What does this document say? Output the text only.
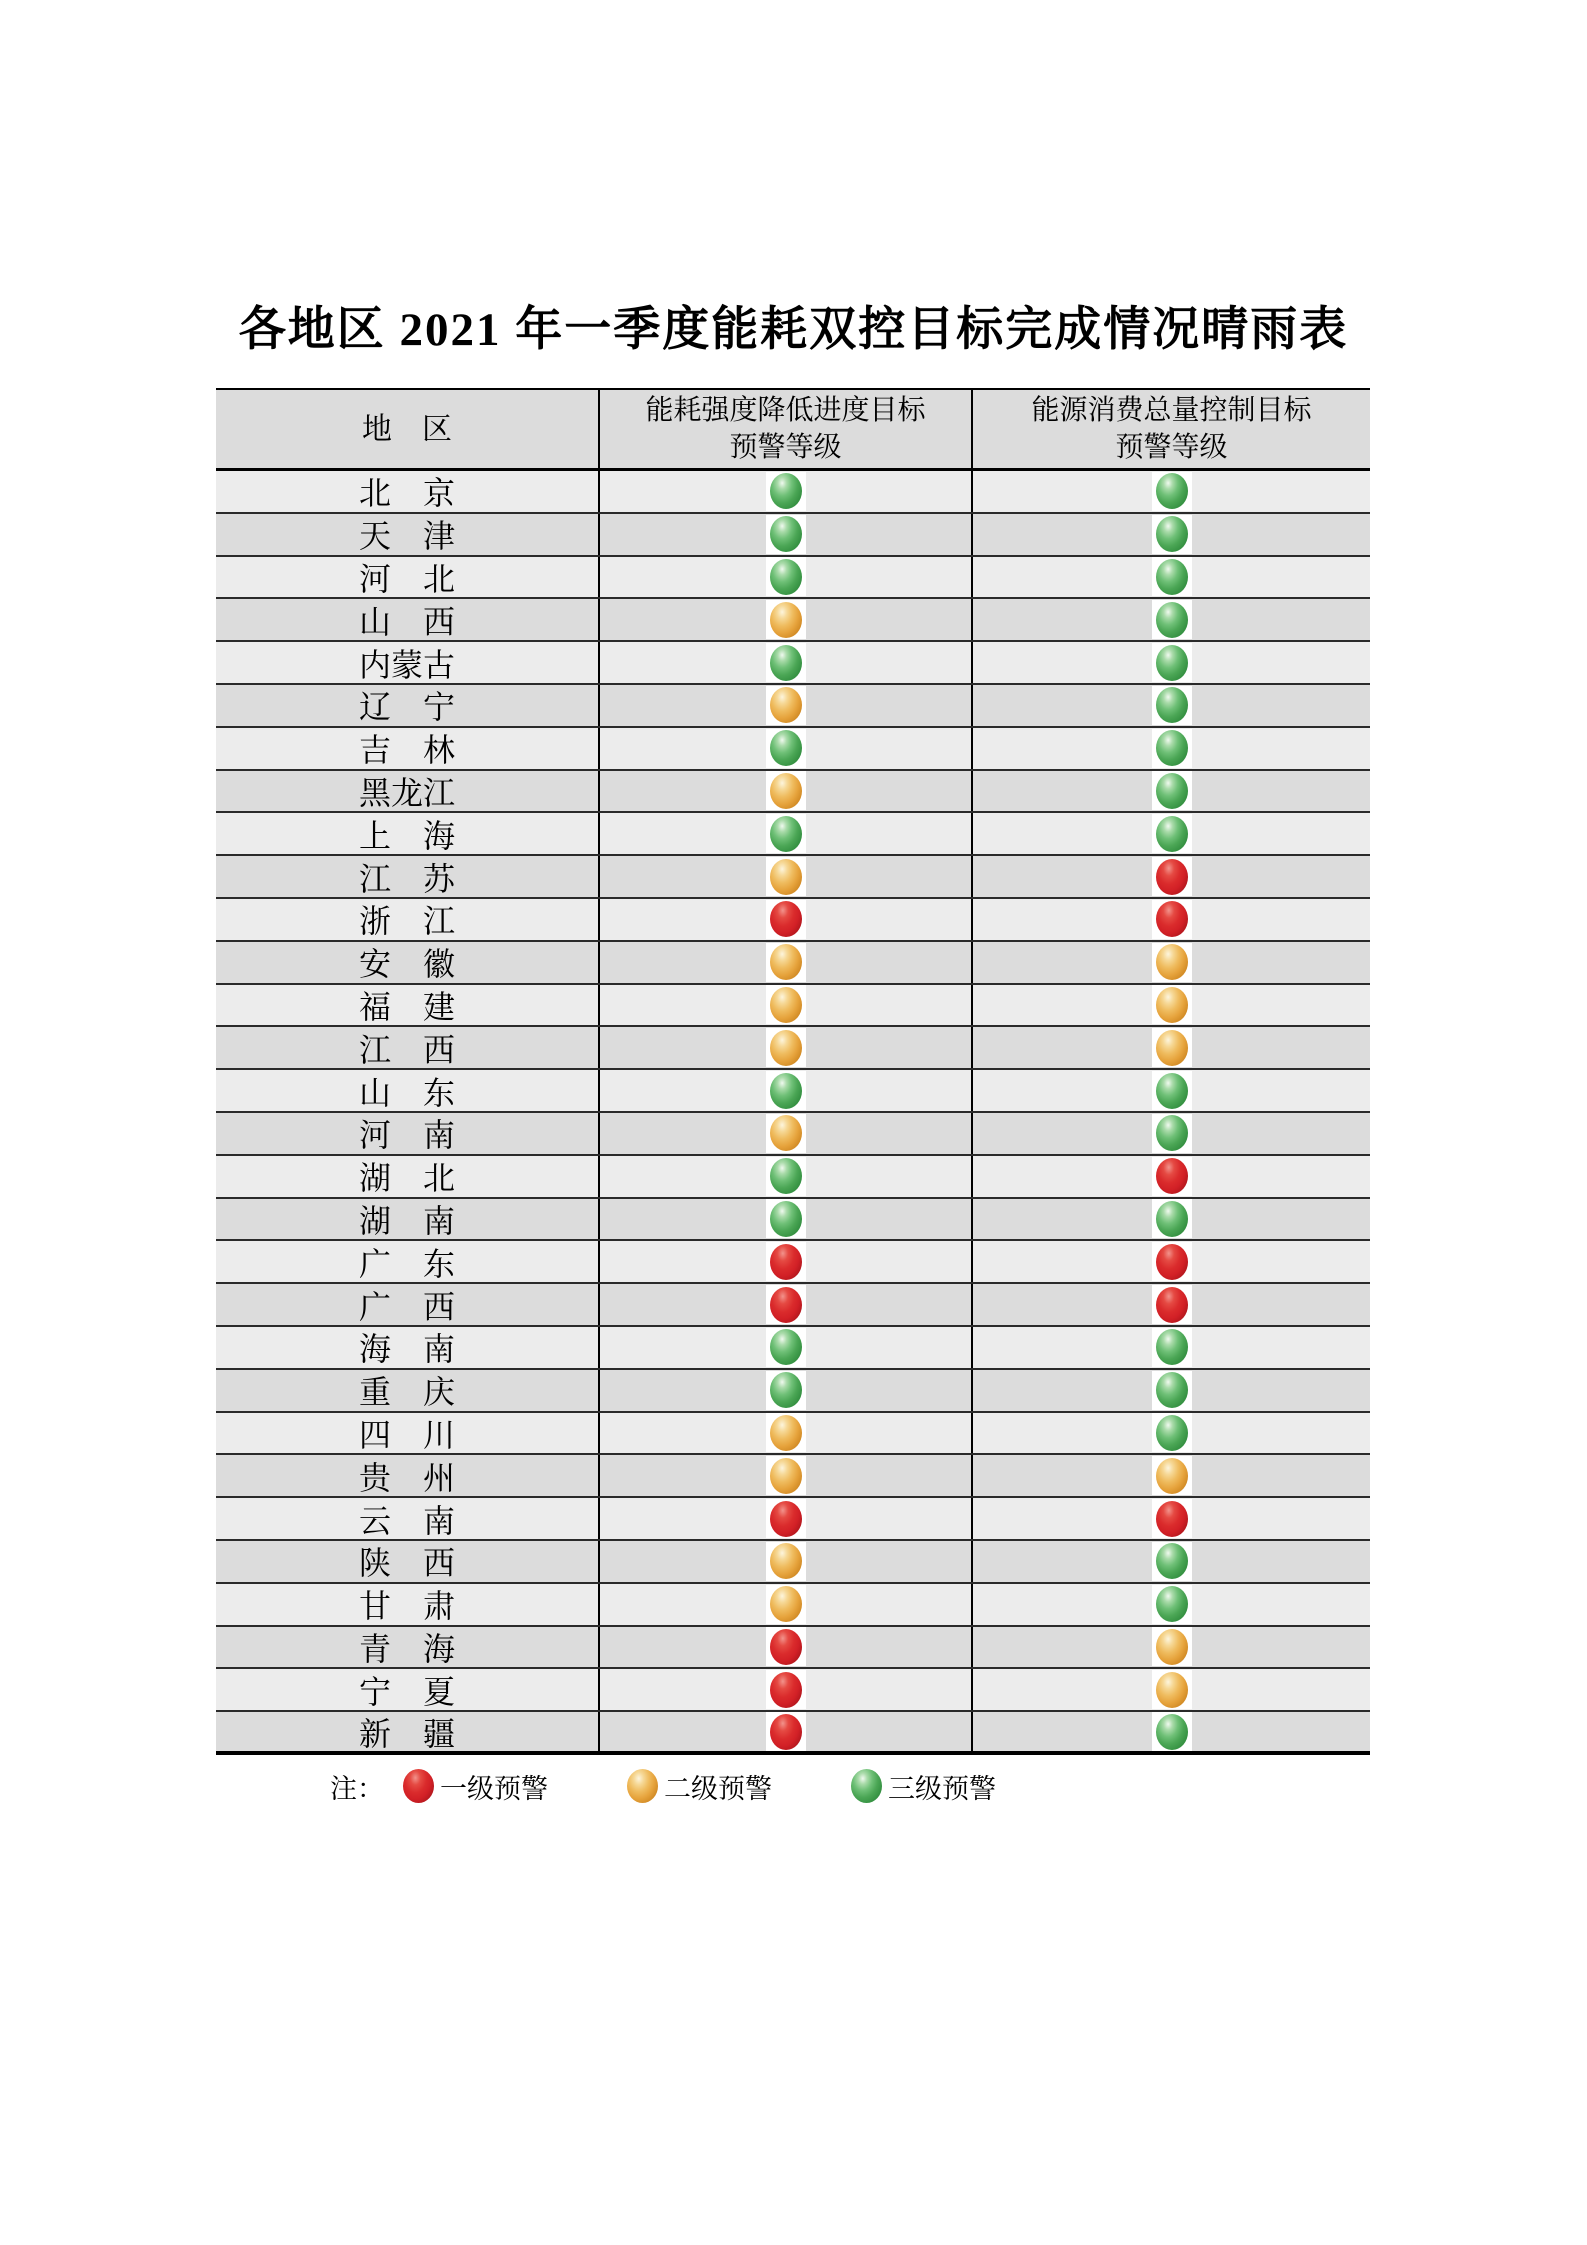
各地区 2021 年一季度能耗双控目标完成情况晴雨表
地　区
能耗强度降低进度目标
预警等级
能源消费总量控制目标
预警等级
北　京
天　津
河　北
山　西
内蒙古
辽　宁
吉　林
黑龙江
上　海
江　苏
浙　江
安　徽
福　建
江　西
山　东
河　南
湖　北
湖　南
广　东
广　西
海　南
重　庆
四　川
贵　州
云　南
陕　西
甘　肃
青　海
宁　夏
新　疆
注： 一级预警	二级预警	三级预警
